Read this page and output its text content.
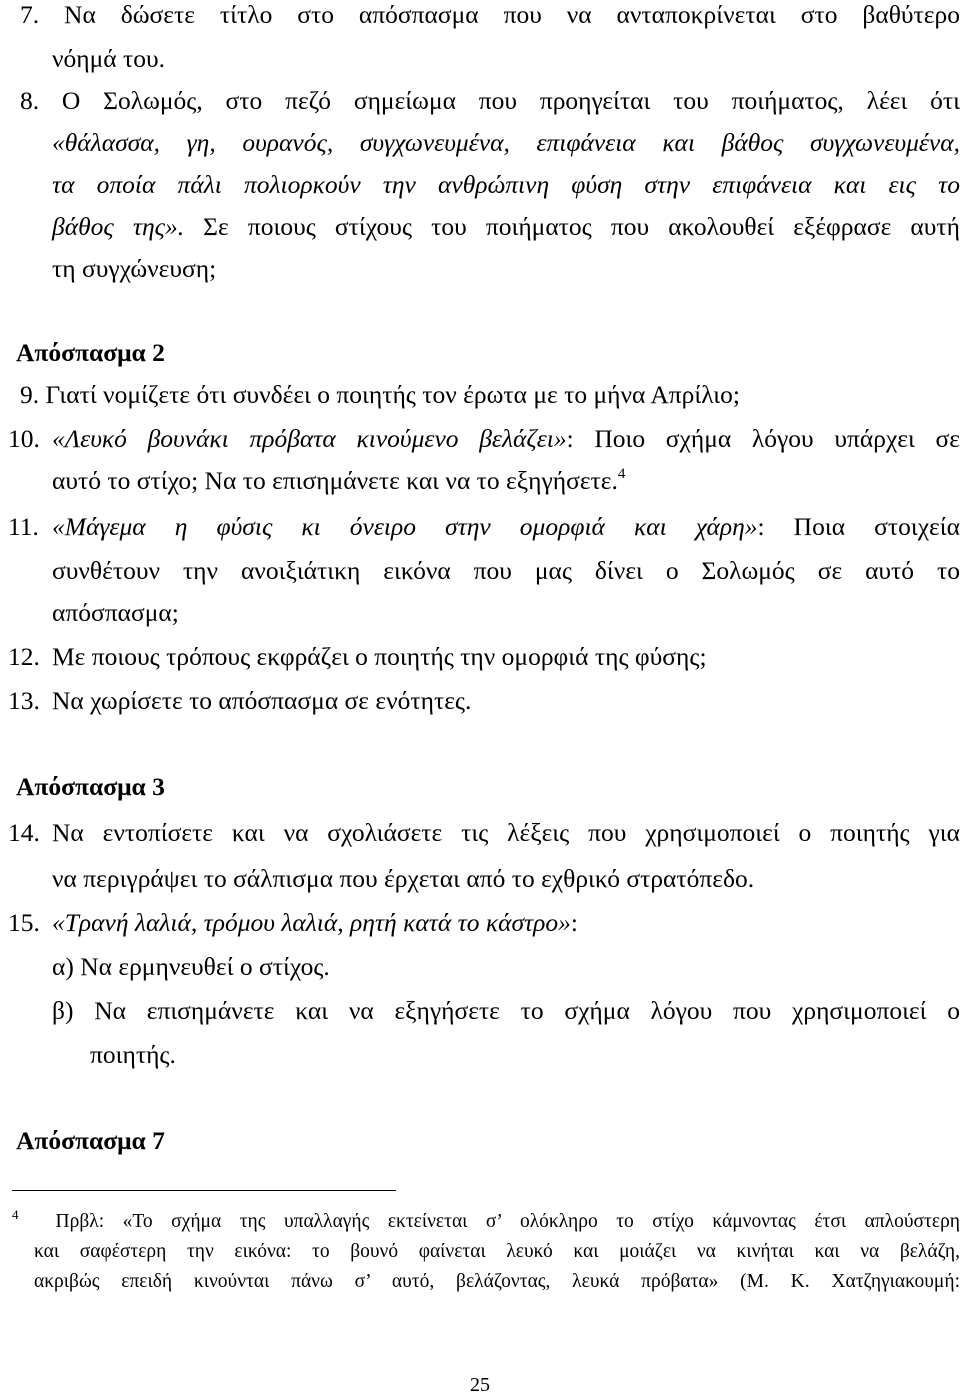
7. Να δώσετε τίτλο στο απόσπασμα που να ανταποκρίνεται στο βαθύτερο
νόημά του.
8. Ο Σολωμός, στο πεζό σημείωμα που προηγείται του ποιήματος, λέει ότι
«θάλασσα, γη, ουρανός, συγχωνευμένα, επιφάνεια και βάθος συγχωνευμένα,
τα οποία πάλι πολιορκούν την ανθρώπινη φύση στην επιφάνεια και εις το
βάθος της». Σε ποιους στίχους του ποιήματος που ακολουθεί εξέφρασε αυτή
τη συγχώνευση;
Απόσπασμα 2
9. Γιατί νομίζετε ότι συνδέει ο ποιητής τον έρωτα με το μήνα Απρίλιο;
10. «Λευκό βουνάκι πρόβατα κινούμενο βελάζει»: Ποιο σχήμα λόγου υπάρχει σε
αυτό το στίχο; Να το επισημάνετε και να το εξηγήσετε.$^4$
11. «Μάγεμα η φύσις κι όνειρο στην ομορφιά και χάρη»: Ποια στοιχεία
συνθέτουν την ανοιξιάτικη εικόνα που μας δίνει ο Σολωμός σε αυτό το
απόσπασμα;
12. Με ποιους τρόπους εκφράζει ο ποιητής την ομορφιά της φύσης;
13. Να χωρίσετε το απόσπασμα σε ενότητες.
Απόσπασμα 3
14. Να εντοπίσετε και να σχολιάσετε τις λέξεις που χρησιμοποιεί ο ποιητής για
να περιγράψει το σάλπισμα που έρχεται από το εχθρικό στρατόπεδο.
15. «Τρανή λαλιά, τρόμου λαλιά, ρητή κατά το κάστρο»:
α) Να ερμηνευθεί ο στίχος.
β) Να επισημάνετε και να εξηγήσετε το σχήμα λόγου που χρησιμοποιεί ο
ποιητής.
Απόσπασμα 7
$^4$ Πρβλ: «Το σχήμα της υπαλλαγής εκτείνεται σ’ ολόκληρο το στίχο κάμνοντας έτσι απλούστερη
και σαφέστερη την εικόνα: το βουνό φαίνεται λευκό και μοιάζει να κινήται και να βελάζη,
ακριβώς επειδή κινούνται πάνω σ’ αυτό, βελάζοντας, λευκά πρόβατα» (Μ. Κ. Χατζηγιακουμή:
25
